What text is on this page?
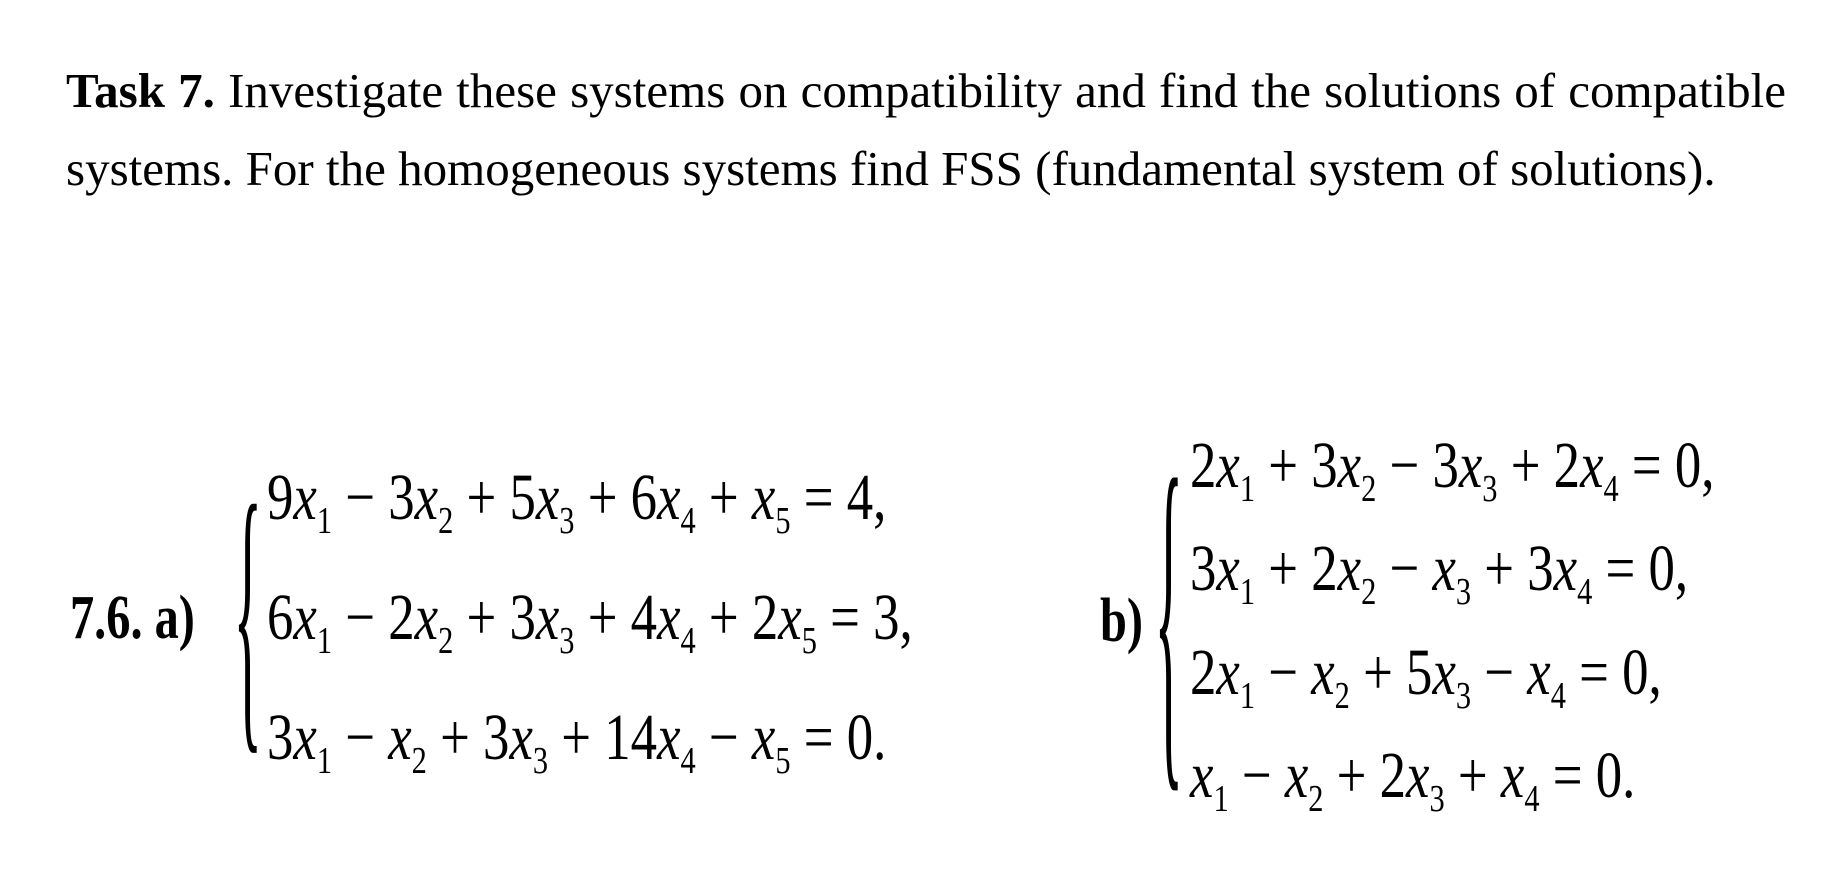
Task 7. Investigate these systems on compatibility and find the solutions of compatible systems. For the homogeneous systems find FSS (fundamental system of solutions).
7.6. a) { $9x_1 - 3x_2 + 5x_3 + 6x_4 + x_5 = 4$,
$6x_1 - 2x_2 + 3x_3 + 4x_4 + 2x_5 = 3$,
$3x_1 - x_2 + 3x_3 + 14x_4 - x_5 = 0$.
b) { $2x_1 + 3x_2 - 3x_3 + 2x_4 = 0$,
$3x_1 + 2x_2 - x_3 + 3x_4 = 0$,
$2x_1 - x_2 + 5x_3 - x_4 = 0$,
$x_1 - x_2 + 2x_3 + x_4 = 0$.
